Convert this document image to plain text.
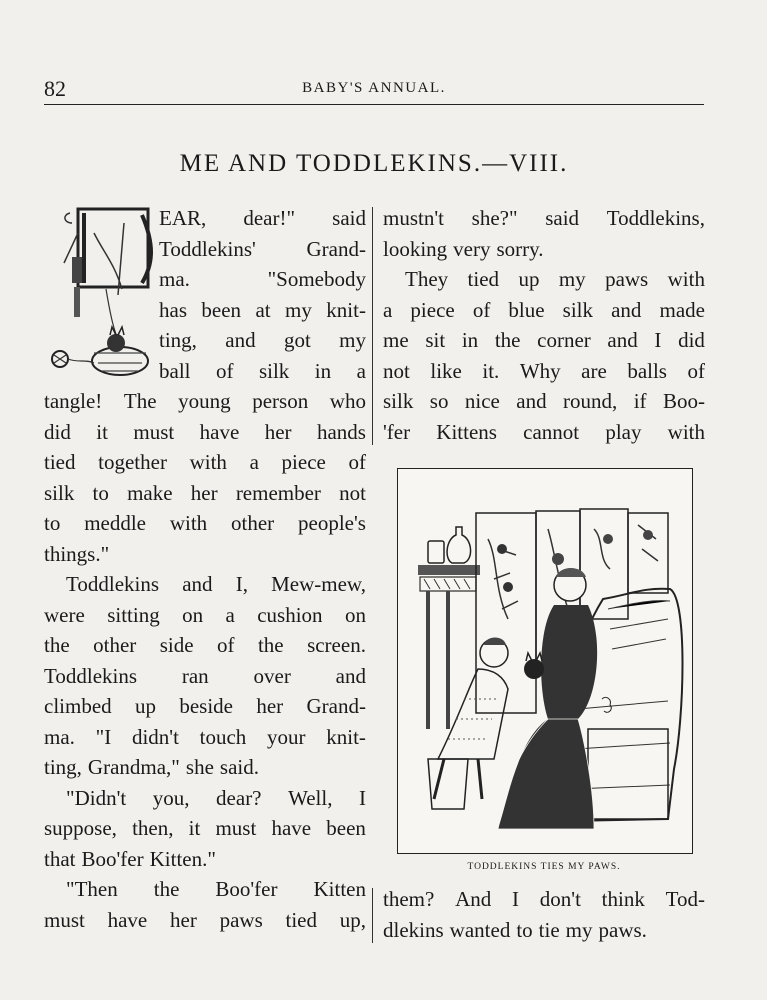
82	BABY'S ANNUAL.
ME AND TODDLEKINS.—VIII.
EAR, dear!" said
Toddlekins' Grand-
ma.	"Somebody
has been at my knit-
ting, and got my
ball of silk in a
tangle! The young person who
did it must have her hands
tied together with a piece of
silk to make her remember not
to meddle with other people's
things."
Toddlekins and I, Mew-mew,
were sitting on a cushion on
the other side of the screen.
Toddlekins ran over and
climbed up beside her Grand-
ma. "I didn't touch your knit-
ting, Grandma," she said.
"Didn't you, dear? Well, I
suppose, then, it must have been
that Boo'fer Kitten."
"Then the Boo'fer Kitten
must have her paws tied up,
mustn't she?" said Toddlekins,
looking very sorry.
They tied up my paws with
a piece of blue silk and made
me sit in the corner and I did
not like it. Why are balls of
silk so nice and round, if Boo-
'fer Kittens cannot play with
TODDLEKINS TIES MY PAWS.
them? And I don't think Tod-
dlekins wanted to tie my paws.
